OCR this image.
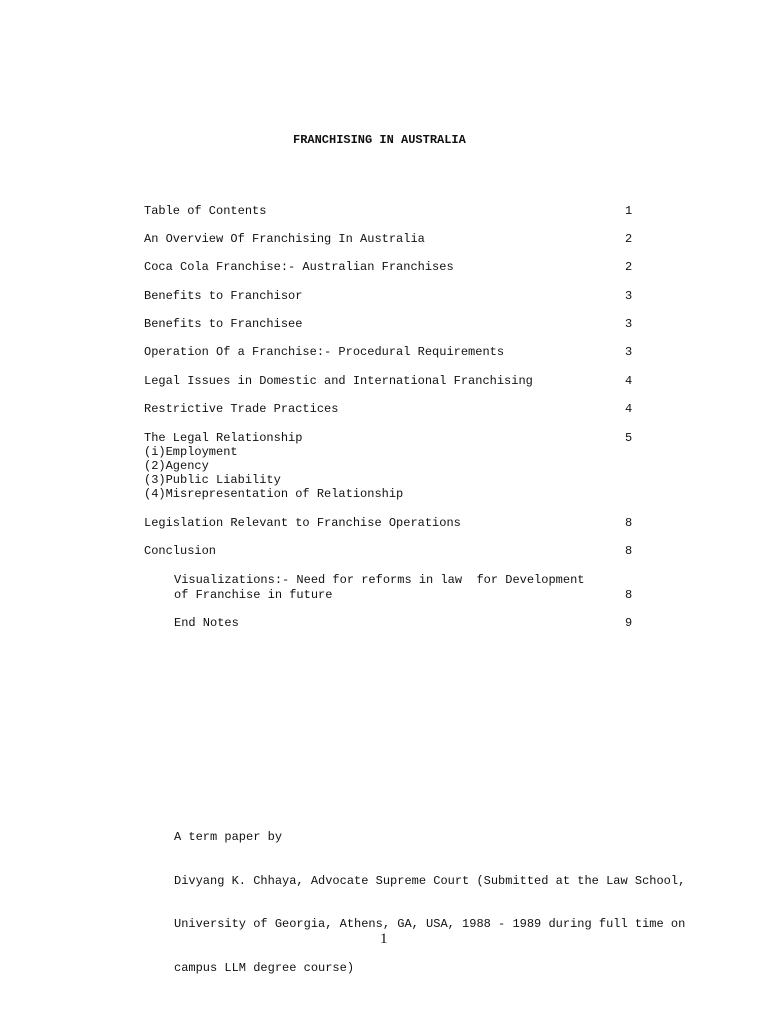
FRANCHISING IN AUSTRALIA
Table of Contents	1
An Overview Of Franchising In Australia	2
Coca Cola Franchise:- Australian Franchises	2
Benefits to Franchisor	3
Benefits to Franchisee	3
Operation Of a Franchise:- Procedural Requirements	3
Legal Issues in Domestic and International Franchising	4
Restrictive Trade Practices	4
The Legal Relationship	5
(i)Employment
(2)Agency
(3)Public Liability
(4)Misrepresentation of Relationship
Legislation Relevant to Franchise Operations	8
Conclusion	8
Visualizations:- Need for reforms in law  for Development
of Franchise in future	8
End Notes	9

A term paper by

Divyang K. Chhaya, Advocate Supreme Court (Submitted at the Law School,

University of Georgia, Athens, GA, USA, 1988 - 1989 during full time on

campus LLM degree course)

1
